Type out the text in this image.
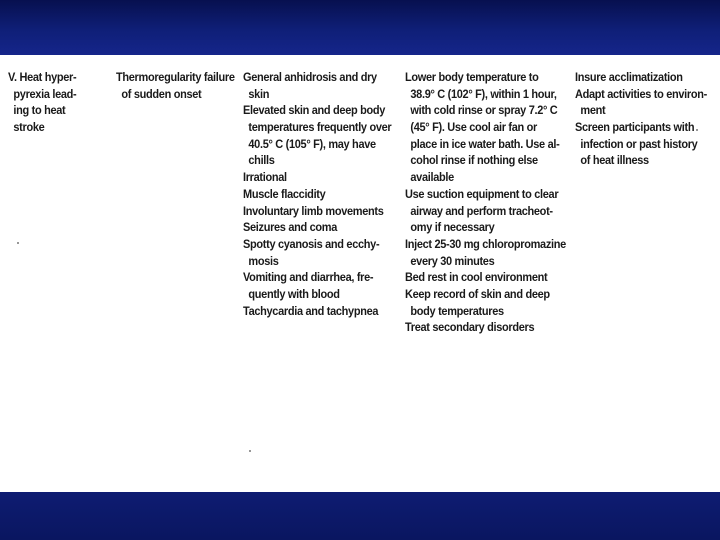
V. Heat hyper-
pyrexia lead-
ing to heat
stroke
Thermoregularity failure
of sudden onset
General anhidrosis and dry
skin
Elevated skin and deep body
temperatures frequently over
40.5° C (105° F), may have
chills
Irrational
Muscle flaccidity
Involuntary limb movements
Seizures and coma
Spotty cyanosis and ecchy-
mosis
Vomiting and diarrhea, fre-
quently with blood
Tachycardia and tachypnea
Lower body temperature to
38.9° C (102° F), within 1 hour,
with cold rinse or spray 7.2° C
(45° F). Use cool air fan or
place in ice water bath. Use al-
cohol rinse if nothing else
available
Use suction equipment to clear
airway and perform tracheot-
omy if necessary
Inject 25-30 mg chloropromazine
every 30 minutes
Bed rest in cool environment
Keep record of skin and deep
body temperatures
Treat secondary disorders
Insure acclimatization
Adapt activities to environ-
ment
Screen participants with
infection or past history
of heat illness
